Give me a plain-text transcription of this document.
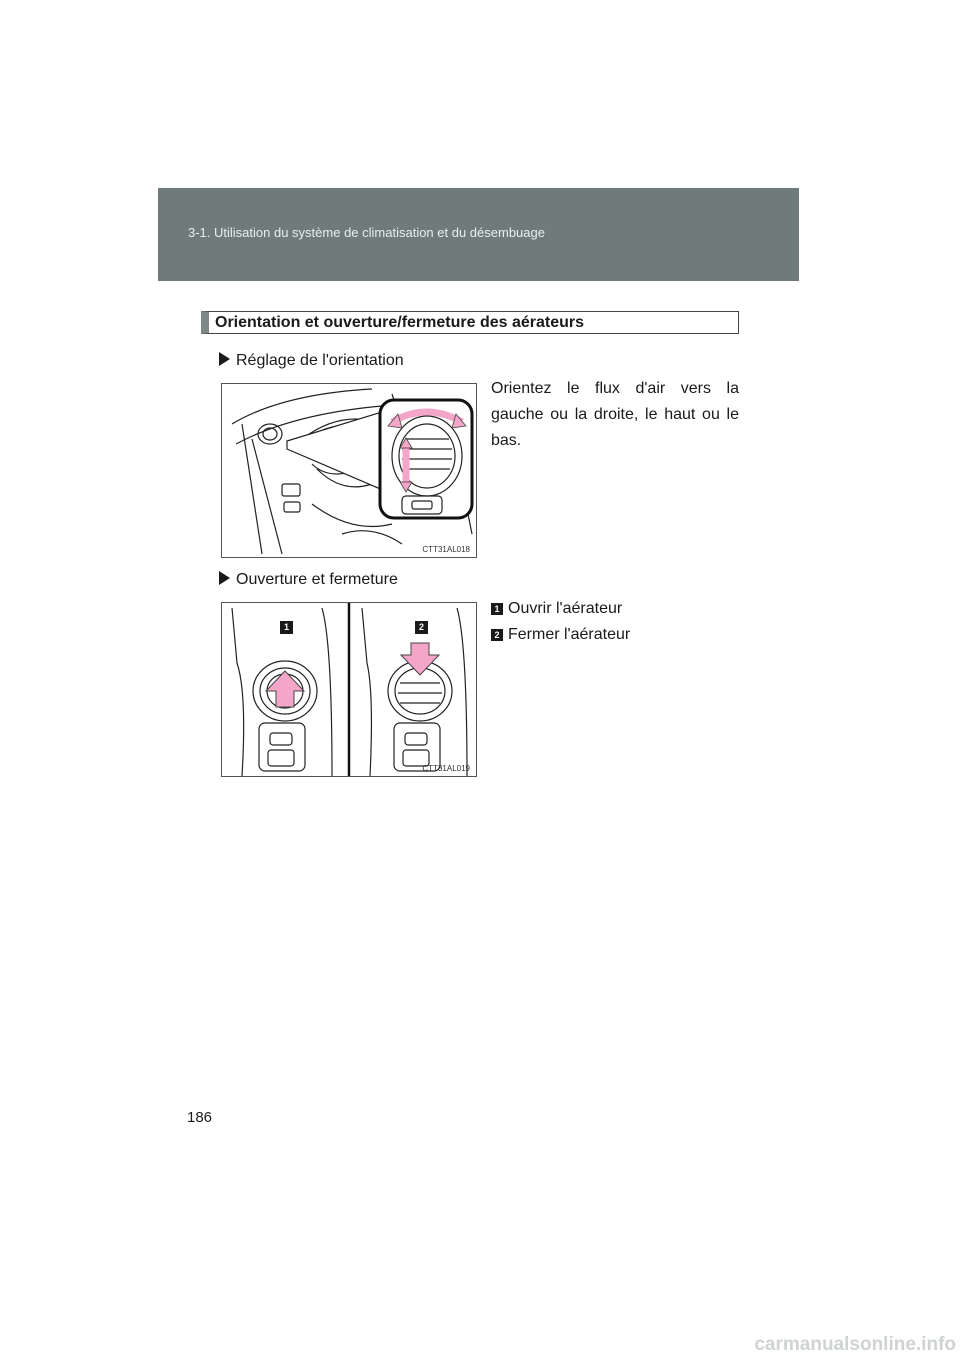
3-1. Utilisation du système de climatisation et du désembuage
Orientation et ouverture/fermeture des aérateurs
Réglage de l'orientation
CTT31AL018
Orientez le flux d'air vers la gauche ou la droite, le haut ou le bas.
Ouverture et fermeture
1	2
CTT31AL019
1 Ouvrir l'aérateur
2 Fermer l'aérateur
186
carmanualsonline.info
